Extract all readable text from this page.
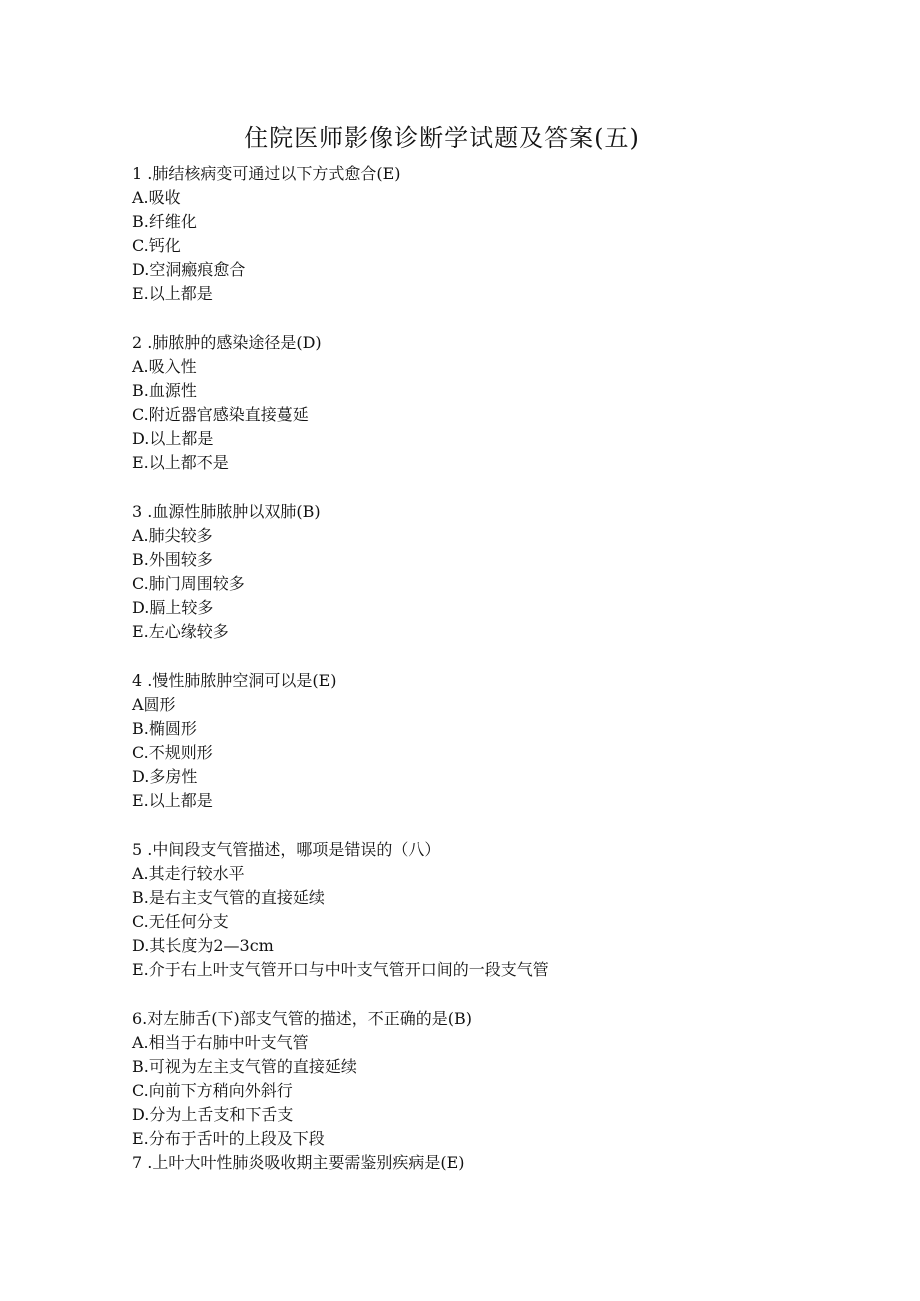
住院医师影像诊断学试题及答案(五)
1 .肺结核病变可通过以下方式愈合(E)
A.吸收
B.纤维化
C.钙化
D.空洞瘢痕愈合
E.以上都是
2 .肺脓肿的感染途径是(D)
A.吸入性
B.血源性
C.附近器官感染直接蔓延
D.以上都是
E.以上都不是
3 .血源性肺脓肿以双肺(B)
A.肺尖较多
B.外围较多
C.肺门周围较多
D.膈上较多
E.左心缘较多
4 .慢性肺脓肿空洞可以是(E)
A圆形
B.椭圆形
C.不规则形
D.多房性
E.以上都是
5 .中间段支气管描述，哪项是错误的（八）
A.其走行较水平
B.是右主支气管的直接延续
C.无任何分支
D.其长度为2—3cm
E.介于右上叶支气管开口与中叶支气管开口间的一段支气管
6.对左肺舌(下)部支气管的描述，不正确的是(B)
A.相当于右肺中叶支气管
B.可视为左主支气管的直接延续
C.向前下方稍向外斜行
D.分为上舌支和下舌支
E.分布于舌叶的上段及下段
7 .上叶大叶性肺炎吸收期主要需鉴别疾病是(E)
